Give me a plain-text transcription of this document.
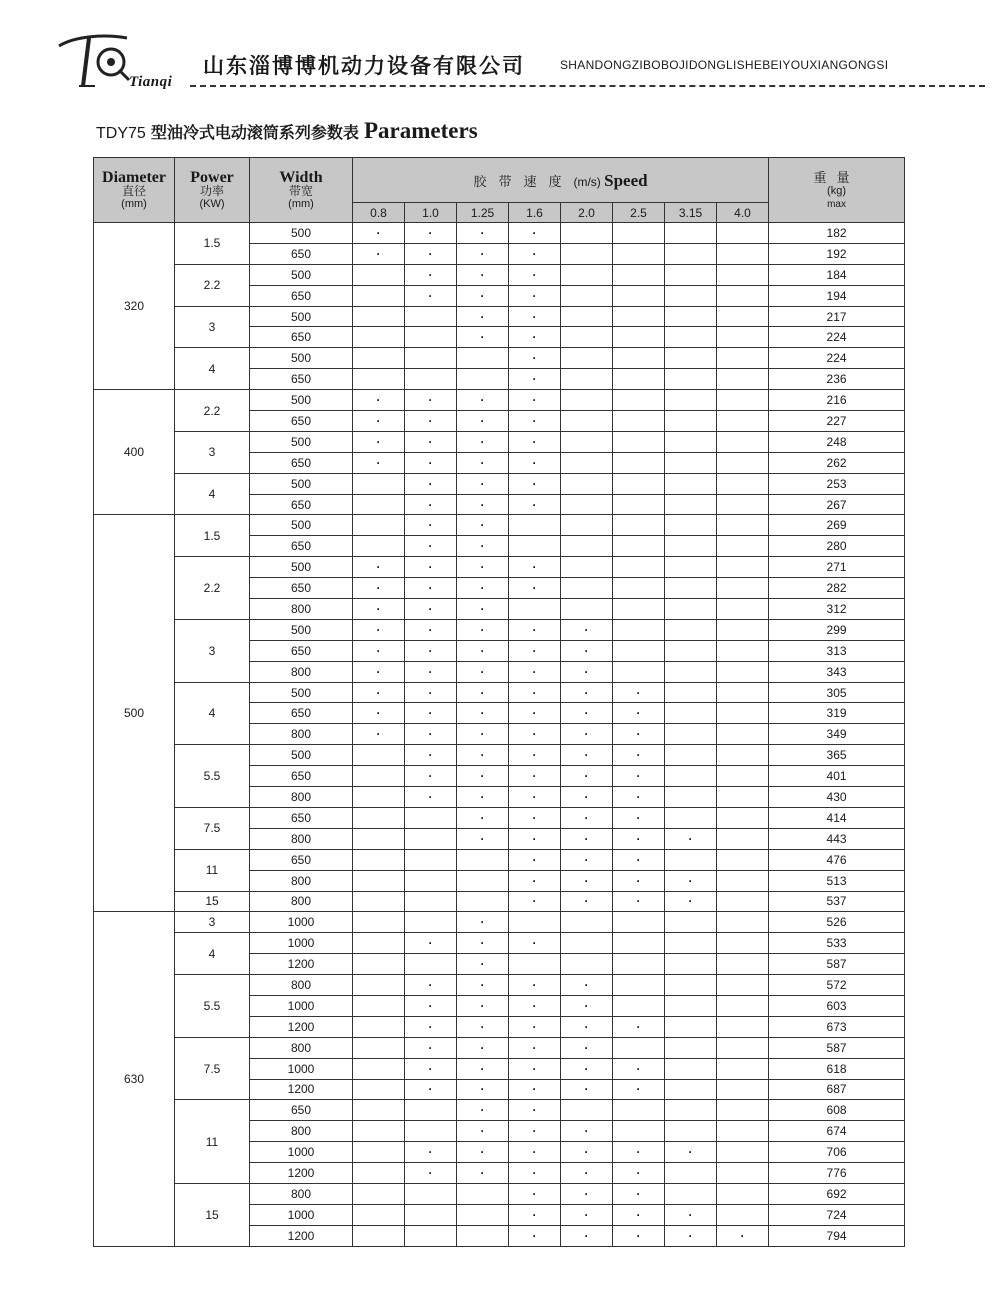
Tianqi
山东淄博博机动力设备有限公司	SHANDONGZIBOBOJIDONGLISHEBEIYOUXIANGONGSI
TDY75 型油冷式电动滚筒系列参数表 Parameters
Diameter
直径
(mm)	Power
功率
(KW)	Width
带宽
(mm)	胶带速度(m/s) Speed								重量
(kg)
max

			0.8	1.0	1.25	1.6	2.0	2.5	3.15	4.0	
320	1.5	500	·	·	·	·					182
		650	·	·	·	·					192
	2.2	500		·	·	·					184
		650		·	·	·					194
	3	500			·	·					217
		650			·	·					224
	4	500				·					224
		650				·					236
400	2.2	500	·	·	·	·					216
		650	·	·	·	·					227
	3	500	·	·	·	·					248
		650	·	·	·	·					262
	4	500		·	·	·					253
		650		·	·	·					267
500	1.5	500		·	·						269
		650		·	·						280
	2.2	500	·	·	·	·					271
		650	·	·	·	·					282
		800	·	·	·						312
	3	500	·	·	·	·	·				299
		650	·	·	·	·	·				313
		800	·	·	·	·	·				343
	4	500	·	·	·	·	·	·			305
		650	·	·	·	·	·	·			319
		800	·	·	·	·	·	·			349
	5.5	500		·	·	·	·	·			365
		650		·	·	·	·	·			401
		800		·	·	·	·	·			430
	7.5	650			·	·	·	·			414
		800			·	·	·	·	·		443
	11	650				·	·	·			476
		800				·	·	·	·		513
	15	800				·	·	·	·		537
630	3	1000			·						526
	4	1000		·	·	·					533
		1200			·						587
	5.5	800		·	·	·	·				572
		1000		·	·	·	·				603
		1200		·	·	·	·	·			673
	7.5	800		·	·	·	·				587
		1000		·	·	·	·	·			618
		1200		·	·	·	·	·			687
	11	650			·	·					608
		800			·	·	·				674
		1000		·	·	·	·	·	·		706
		1200		·	·	·	·	·			776
	15	800				·	·	·			692
		1000				·	·	·	·		724
		1200				·	·	·	·	·	794
